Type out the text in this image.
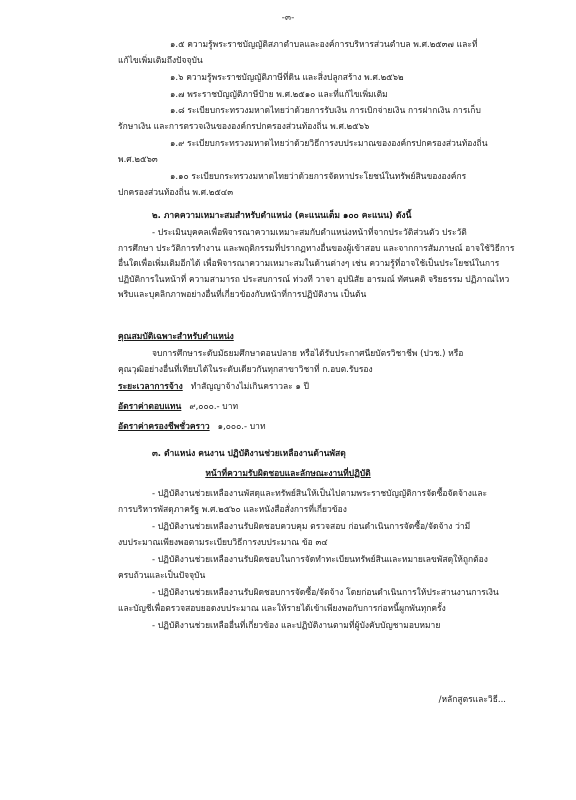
-๓-
๑.๕ ความรู้พระราชบัญญัติสภาตำบลและองค์การบริหารส่วนตำบล พ.ศ.๒๕๓๗ และที่
แก้ไขเพิ่มเติมถึงปัจจุบัน
๑.๖ ความรู้พระราชบัญญัติภาษีที่ดิน และสิ่งปลูกสร้าง พ.ศ.๒๕๖๒
๑.๗ พระราชบัญญัติภาษีป้าย พ.ศ.๒๕๑๐ และที่แก้ไขเพิ่มเติม
๑.๘ ระเบียบกระทรวงมหาดไทยว่าด้วยการรับเงิน การเบิกจ่ายเงิน การฝากเงิน การเก็บ
รักษาเงิน และการตรวจเงินขององค์กรปกครองส่วนท้องถิ่น พ.ศ.๒๕๖๖
๑.๙ ระเบียบกระทรวงมหาดไทยว่าด้วยวิธีการงบประมาณขององค์กรปกครองส่วนท้องถิ่น
พ.ศ.๒๕๖๓
๑.๑๐ ระเบียบกระทรวงมหาดไทยว่าด้วยการจัดหาประโยชน์ในทรัพย์สินขององค์กร
ปกครองส่วนท้องถิ่น พ.ศ.๒๕๔๓
๒. ภาคความเหมาะสมสำหรับตำแหน่ง (คะแนนเต็ม ๑๐๐ คะแนน) ดังนี้
- ประเมินบุคคลเพื่อพิจารณาความเหมาะสมกับตำแหน่งหน้าที่จากประวัติส่วนตัว ประวัติ
การศึกษา ประวัติการทำงาน และพฤติกรรมที่ปรากฏทางอื่นของผู้เข้าสอบ และจากการสัมภาษณ์ อาจใช้วิธีการอื่นใดเพื่อเพิ่มเติมอีกได้ เพื่อพิจารณาความเหมาะสมในด้านต่างๆ เช่น ความรู้ที่อาจใช้เป็นประโยชน์ในการปฏิบัติการในหน้าที่ ความสามารถ ประสบการณ์ ท่วงที วาจา อุปนิสัย อารมณ์ ทัศนคติ จริยธรรม ปฏิภาณไหวพริบและบุคลิกภาพอย่างอื่นที่เกี่ยวข้องกับหน้าที่การปฏิบัติงาน เป็นต้น
คุณสมบัติเฉพาะสำหรับตำแหน่ง
จบการศึกษาระดับมัธยมศึกษาตอนปลาย หรือได้รับประกาศนียบัตรวิชาชีพ (ปวช.) หรือ
คุณวุฒิอย่างอื่นที่เทียบได้ในระดับเดียวกันทุกสาขาวิชาที่ ก.อบต.รับรอง
ระยะเวลาการจ้าง ทำสัญญาจ้างไม่เกินคราวละ ๑ ปี
อัตราค่าตอบแทน ๙,๐๐๐.- บาท
อัตราค่าครองชีพชั่วคราว ๑,๐๐๐.- บาท
๓. ตำแหน่ง คนงาน ปฏิบัติงานช่วยเหลืองานด้านพัสดุ
หน้าที่ความรับผิดชอบและลักษณะงานที่ปฏิบัติ
- ปฏิบัติงานช่วยเหลืองานพัสดุและทรัพย์สินให้เป็นไปตามพระราชบัญญัติการจัดซื้อจัดจ้างและ
การบริหารพัสดุภาครัฐ พ.ศ.๒๕๖๐ และหนังสือสั่งการที่เกี่ยวข้อง
- ปฏิบัติงานช่วยเหลืองานรับผิดชอบควบคุม ตรวจสอบ ก่อนดำเนินการจัดซื้อ/จัดจ้าง ว่ามี
งบประมาณเพียงพอตามระเบียบวิธีการงบประมาณ ข้อ ๓๔
- ปฏิบัติงานช่วยเหลืองานรับผิดชอบในการจัดทำทะเบียนทรัพย์สินและหมายเลขพัสดุให้ถูกต้อง
ครบถ้วนและเป็นปัจจุบัน
- ปฏิบัติงานช่วยเหลืองานรับผิดชอบการจัดซื้อ/จัดจ้าง โดยก่อนดำเนินการให้ประสานงานการเงิน
และบัญชีเพื่อตรวจสอบยอดงบประมาณ และให้รายได้เข้าเพียงพอกับการก่อหนี้ผูกพันทุกครั้ง
- ปฏิบัติงานช่วยเหลืออื่นที่เกี่ยวข้อง และปฏิบัติงานตามที่ผู้บังคับบัญชามอบหมาย
/หลักสูตรและวิธี...
